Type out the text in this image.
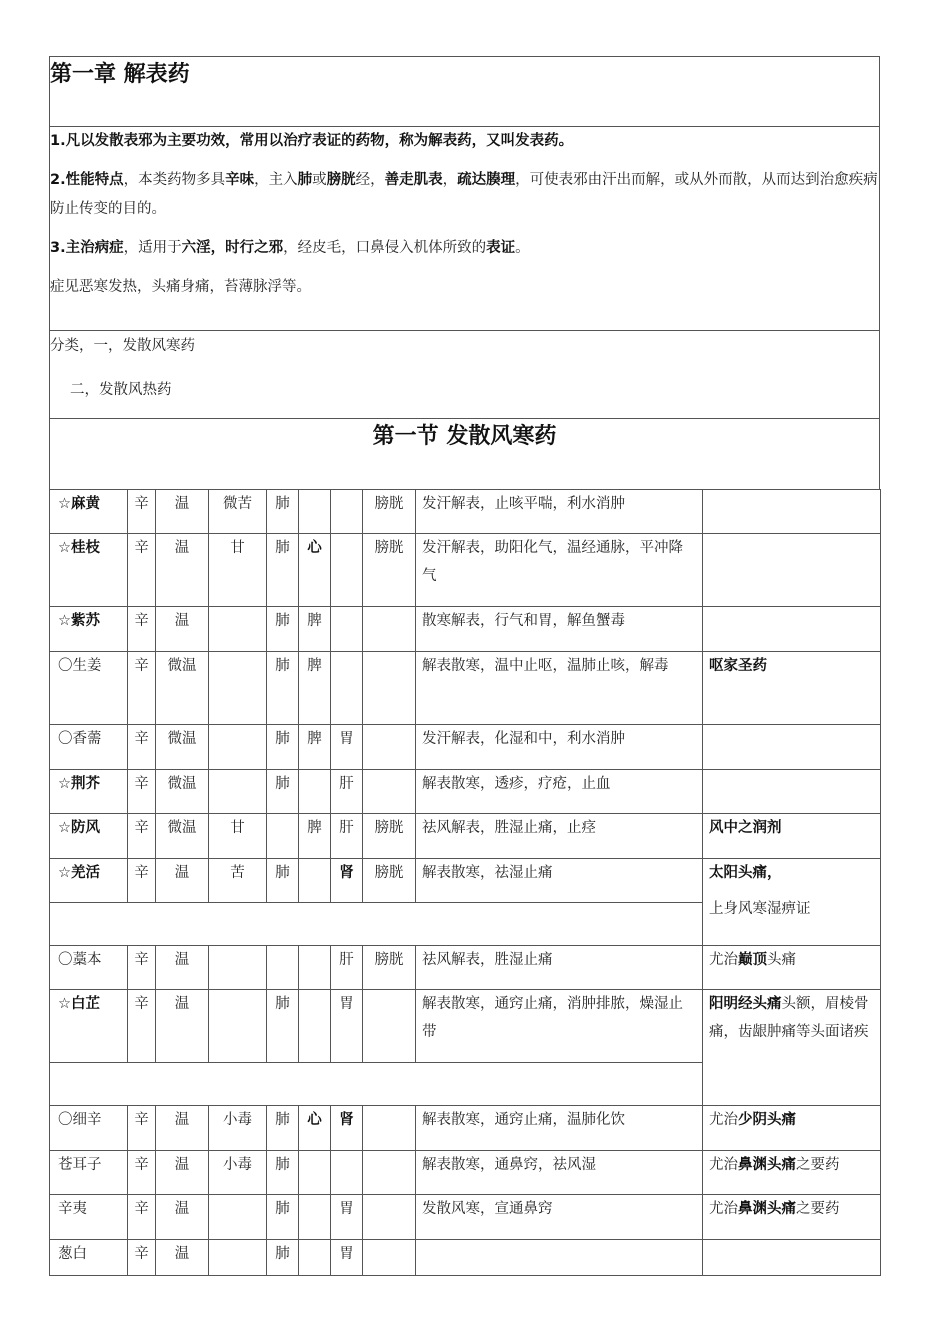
第一章 解表药

1.凡以发散表邪为主要功效，常用以治疗表证的药物，称为解表药，又叫发表药。

2.性能特点，本类药物多具辛味，主入肺或膀胱经，善走肌表，疏达腠理，可使表邪由汗出而解，或从外而散，从而达到治愈疾病防止传变的目的。

3.主治病症，适用于六淫，时行之邪，经皮毛，口鼻侵入机体所致的表证。

症见恶寒发热，头痛身痛，苔薄脉浮等。

分类，一，发散风寒药
二，发散风热药

第一节 发散风寒药
☆麻黄	辛	温	微苦	肺			膀胱	发汗解表，止咳平喘，利水消肿	
☆桂枝	辛	温	甘	肺	心		膀胱	发汗解表，助阳化气，温经通脉，平冲降气	
☆紫苏	辛	温		肺	脾			散寒解表，行气和胃，解鱼蟹毒	
〇生姜	辛	微温		肺	脾			解表散寒，温中止呕，温肺止咳，解毒	呕家圣药
〇香薷	辛	微温		肺	脾	胃		发汗解表，化湿和中，利水消肿	
☆荆芥	辛	微温		肺		肝		解表散寒，透疹，疗疮，止血	
☆防风	辛	微温	甘		脾	肝	膀胱	祛风解表，胜湿止痛，止痉	风中之润剂
☆羌活	辛	温	苦	肺		肾	膀胱	解表散寒，祛湿止痛	太阳头痛，

上身风寒湿痹证

〇藁本	辛	温				肝	膀胱	祛风解表，胜湿止痛	尤治巅顶头痛
☆白芷	辛	温		肺		胃		解表散寒，通窍止痛，消肿排脓，燥湿止带	阳明经头痛头额，眉棱骨痛，齿龈肿痛等头面诸疾

〇细辛	辛	温	小毒	肺	心	肾		解表散寒，通窍止痛，温肺化饮	尤治少阴头痛
苍耳子	辛	温	小毒	肺				解表散寒，通鼻窍，祛风湿	尤治鼻渊头痛之要药
辛夷	辛	温		肺		胃		发散风寒，宣通鼻窍	尤治鼻渊头痛之要药
葱白	辛	温		肺		胃			
